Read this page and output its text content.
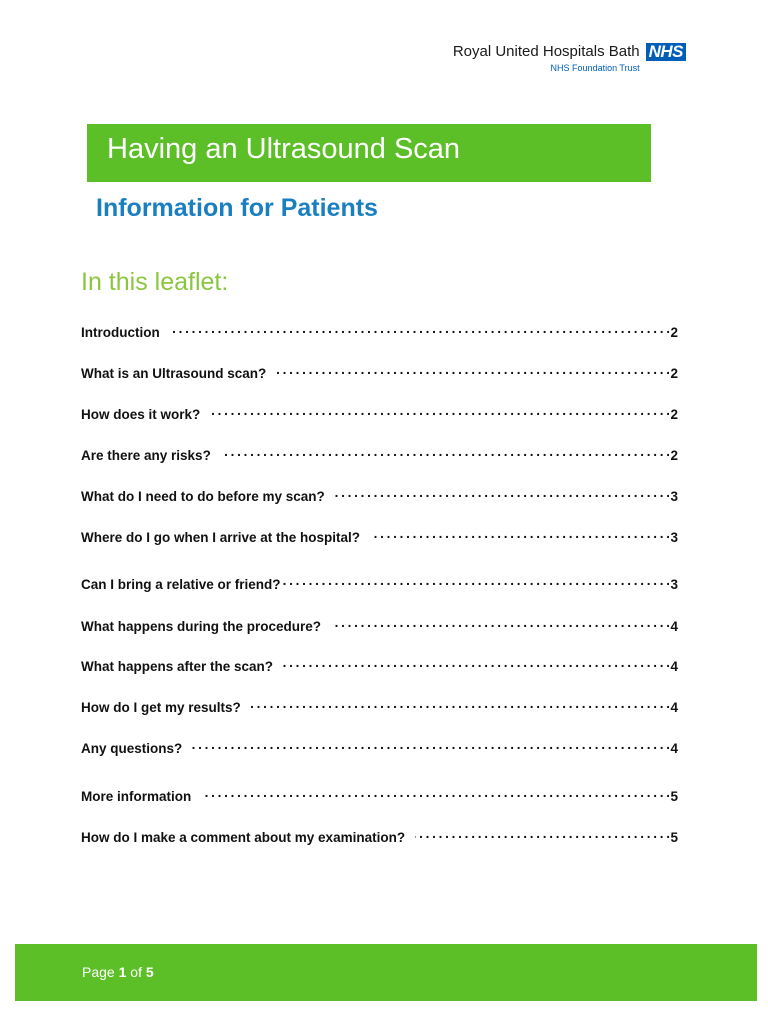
Royal United Hospitals Bath
NHS Foundation Trust
NHS
Having an Ultrasound Scan
Information for Patients
In this leaflet:
Introduction . . .	2
What is an Ultrasound scan? . . .	2
How does it work? . . .	2
Are there any risks? . . .	2
What do I need to do before my scan? . . .	3
Where do I go when I arrive at the hospital? . . .	3
Can I bring a relative or friend? . . .	3
What happens during the procedure? . . .	4
What happens after the scan? . . .	4
How do I get my results? . . .	4
Any questions? . . .	4
More information . . .	5
How do I make a comment about my examination? . . .	5
Page 1 of 5
